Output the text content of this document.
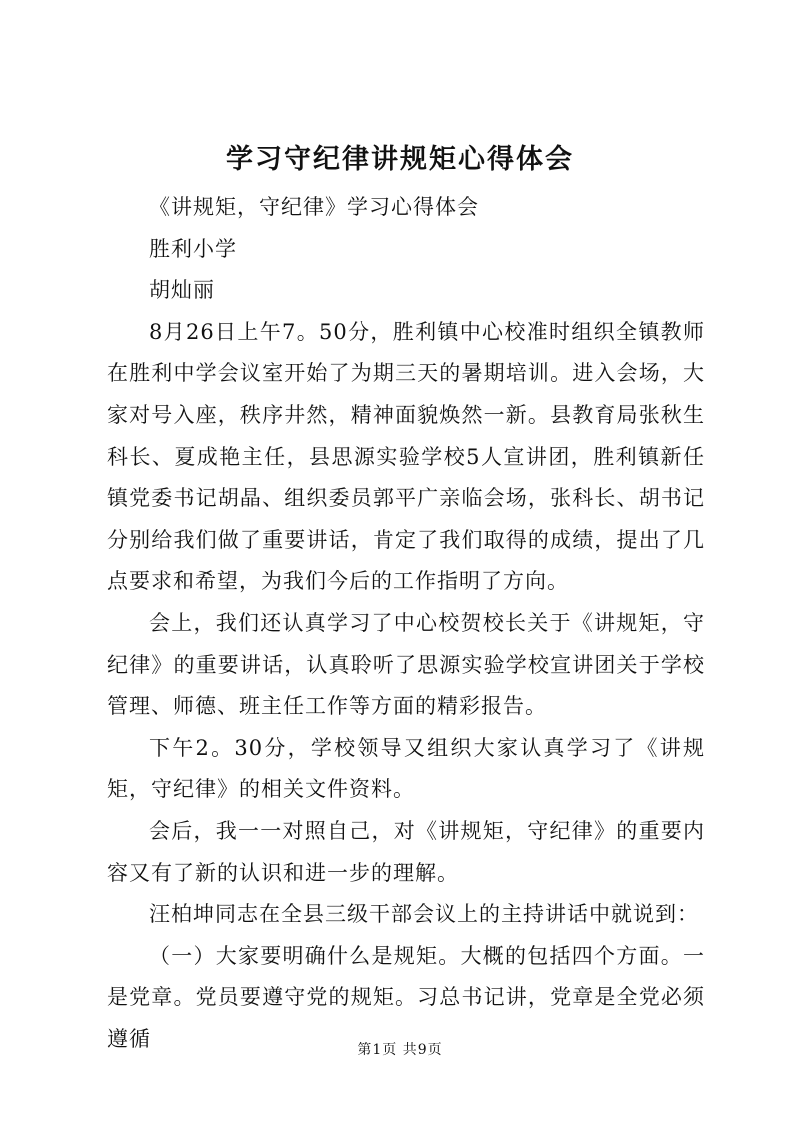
学习守纪律讲规矩心得体会

《讲规矩，守纪律》学习心得体会

胜利小学

胡灿丽

8月26日上午7。50分，胜利镇中心校准时组织全镇教师在胜利中学会议室开始了为期三天的暑期培训。进入会场，大家对号入座，秩序井然，精神面貌焕然一新。县教育局张秋生科长、夏成艳主任，县思源实验学校5人宣讲团，胜利镇新任镇党委书记胡晶、组织委员郭平广亲临会场，张科长、胡书记分别给我们做了重要讲话，肯定了我们取得的成绩，提出了几点要求和希望，为我们今后的工作指明了方向。

会上，我们还认真学习了中心校贺校长关于《讲规矩，守纪律》的重要讲话，认真聆听了思源实验学校宣讲团关于学校管理、师德、班主任工作等方面的精彩报告。

下午2。30分，学校领导又组织大家认真学习了《讲规矩，守纪律》的相关文件资料。

会后，我一一对照自己，对《讲规矩，守纪律》的重要内容又有了新的认识和进一步的理解。

汪柏坤同志在全县三级干部会议上的主持讲话中就说到：

（一）大家要明确什么是规矩。大概的包括四个方面。一是党章。党员要遵守党的规矩。习总书记讲，党章是全党必须遵循	第1页 共9页
